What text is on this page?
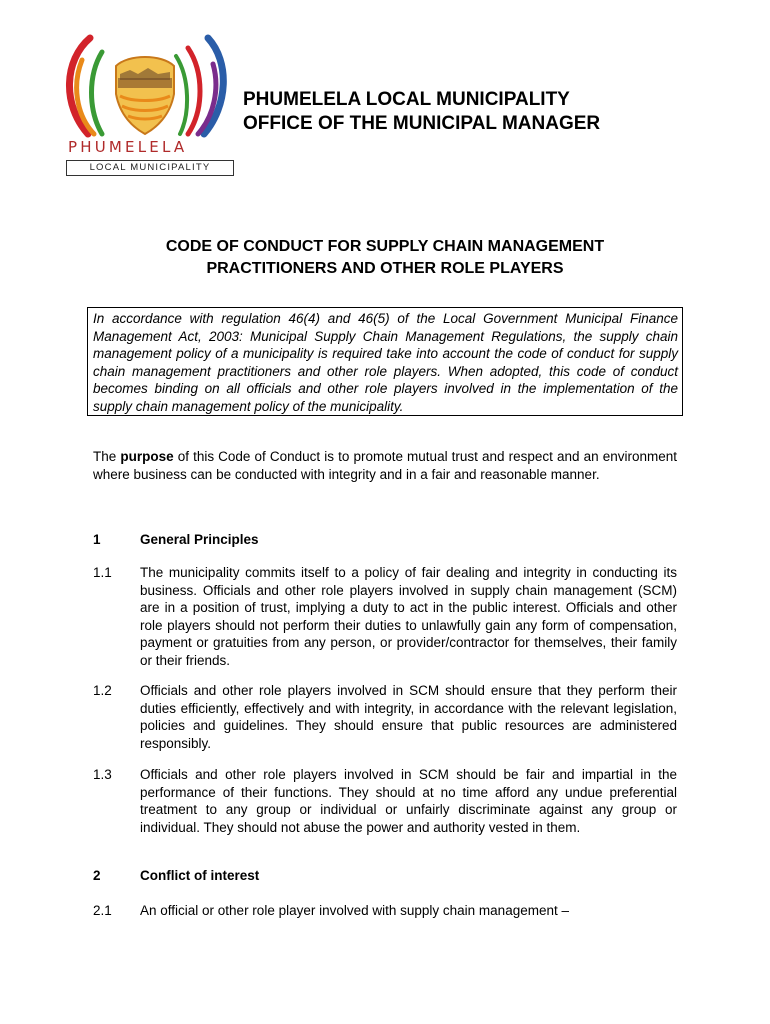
PHUMELELA
LOCAL MUNICIPALITY
PHUMELELA LOCAL MUNICIPALITY
OFFICE OF THE MUNICIPAL MANAGER
CODE OF CONDUCT FOR SUPPLY CHAIN MANAGEMENT
PRACTITIONERS AND OTHER ROLE PLAYERS
In accordance with regulation 46(4) and 46(5) of the Local Government Municipal Finance Management Act, 2003: Municipal Supply Chain Management Regulations, the supply chain management policy of a municipality is required take into account the code of conduct for supply chain management practitioners and other role players. When adopted, this code of conduct becomes binding on all officials and other role players involved in the implementation of the supply chain management policy of the municipality.
The purpose of this Code of Conduct is to promote mutual trust and respect and an environment where business can be conducted with integrity and in a fair and reasonable manner.
1	General Principles
1.1 The municipality commits itself to a policy of fair dealing and integrity in conducting its business. Officials and other role players involved in supply chain management (SCM) are in a position of trust, implying a duty to act in the public interest. Officials and other role players should not perform their duties to unlawfully gain any form of compensation, payment or gratuities from any person, or provider/contractor for themselves, their family or their friends.
1.2 Officials and other role players involved in SCM should ensure that they perform their duties efficiently, effectively and with integrity, in accordance with the relevant legislation, policies and guidelines. They should ensure that public resources are administered responsibly.
1.3 Officials and other role players involved in SCM should be fair and impartial in the performance of their functions. They should at no time afford any undue preferential treatment to any group or individual or unfairly discriminate against any group or individual. They should not abuse the power and authority vested in them.
2	Conflict of interest
2.1 An official or other role player involved with supply chain management –
